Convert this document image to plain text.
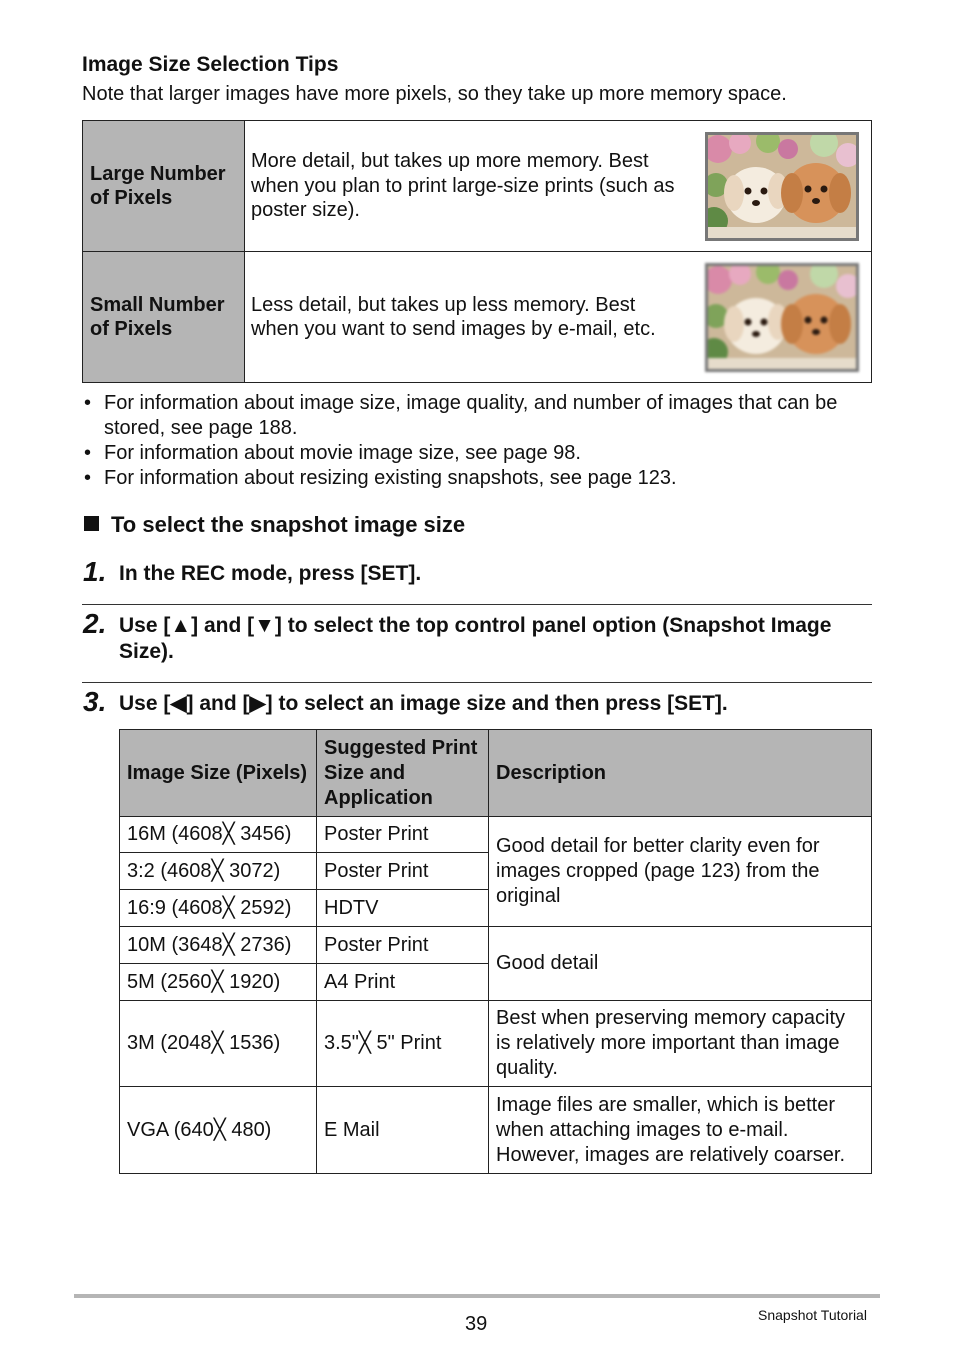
Image Size Selection Tips
Note that larger images have more pixels, so they take up more memory space.
Large Number of Pixels	More detail, but takes up more memory. Best when you plan to print large-size prints (such as poster size).	
Small Number of Pixels	Less detail, but takes up less memory. Best when you want to send images by e-mail, etc.	
• For information about image size, image quality, and number of images that can be stored, see page 188.
• For information about movie image size, see page 98.
• For information about resizing existing snapshots, see page 123.
To select the snapshot image size
1. In the REC mode, press [SET].
2. Use [▲] and [▼] to select the top control panel option (Snapshot Image Size).
3. Use [◀] and [▶] to select an image size and then press [SET].
Image Size (Pixels)	Suggested Print Size and Application	Description
16M (4608╳ 3456)	Poster Print	Good detail for better clarity even for images cropped (page 123) from the original
3:2 (4608╳ 3072)	Poster Print	
16:9 (4608╳ 2592)	HDTV	
10M (3648╳ 2736)	Poster Print	Good detail
5M (2560╳ 1920)	A4 Print	
3M (2048╳ 1536)	3.5"╳ 5" Print	Best when preserving memory capacity is relatively more important than image quality.
VGA (640╳ 480)	E Mail	Image files are smaller, which is better when attaching images to e-mail. However, images are relatively coarser.
39	Snapshot Tutorial
